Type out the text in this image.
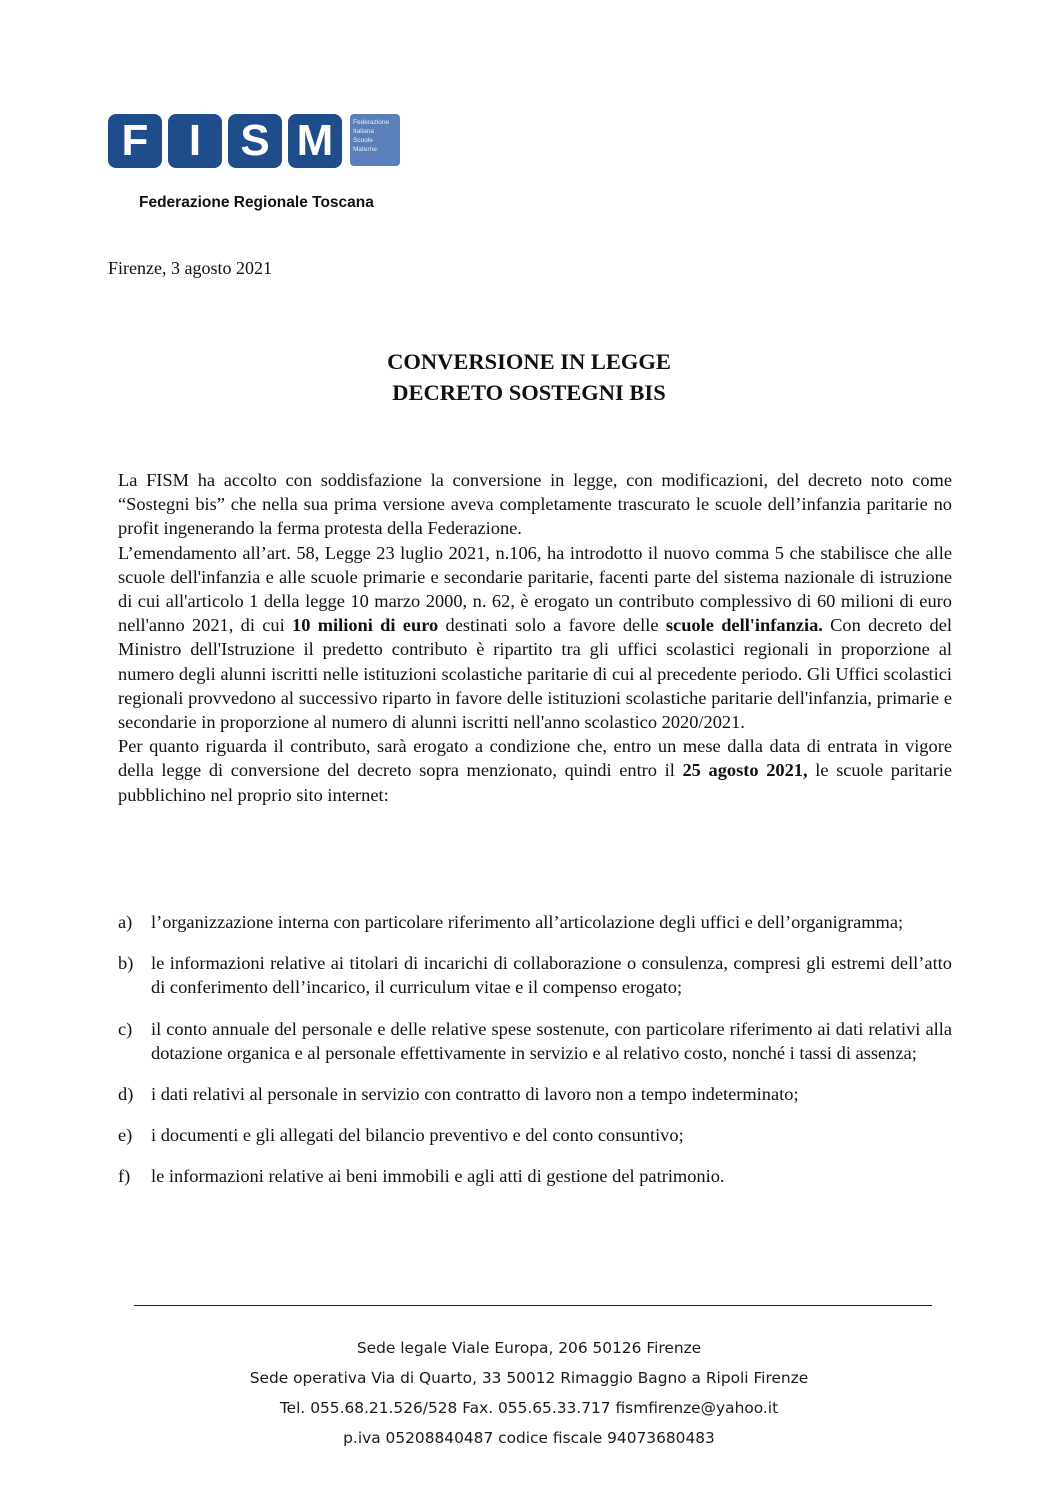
F I S M	Federazione
Italiana
Scuole
Materne
Federazione Regionale Toscana
Firenze, 3 agosto 2021
CONVERSIONE IN LEGGE
DECRETO SOSTEGNI BIS

La FISM ha accolto con soddisfazione la conversione in legge, con modificazioni, del decreto noto come “Sostegni bis” che nella sua prima versione aveva completamente trascurato le scuole dell’infanzia paritarie no profit ingenerando la ferma protesta della Federazione.

L’emendamento all’art. 58, Legge 23 luglio 2021, n.106, ha introdotto il nuovo comma 5 che stabilisce che alle scuole dell'infanzia e alle scuole primarie e secondarie paritarie, facenti parte del sistema nazionale di istruzione di cui all'articolo 1 della legge 10 marzo 2000, n. 62, è erogato un contributo complessivo di 60 milioni di euro nell'anno 2021, di cui 10 milioni di euro destinati solo a favore delle scuole dell'infanzia. Con decreto del Ministro dell'Istruzione il predetto contributo è ripartito tra gli uffici scolastici regionali in proporzione al numero degli alunni iscritti nelle istituzioni scolastiche paritarie di cui al precedente periodo. Gli Uffici scolastici regionali provvedono al successivo riparto in favore delle istituzioni scolastiche paritarie dell'infanzia, primarie e secondarie in proporzione al numero di alunni iscritti nell'anno scolastico 2020/2021.

Per quanto riguarda il contributo, sarà erogato a condizione che, entro un mese dalla data di entrata in vigore della legge di conversione del decreto sopra menzionato, quindi entro il 25 agosto 2021, le scuole paritarie pubblichino nel proprio sito internet:

a) l’organizzazione interna con particolare riferimento all’articolazione degli uffici e dell’organigramma;
b) le informazioni relative ai titolari di incarichi di collaborazione o consulenza, compresi gli estremi dell’atto di conferimento dell’incarico, il curriculum vitae e il compenso erogato;
c) il conto annuale del personale e delle relative spese sostenute, con particolare riferimento ai dati relativi alla dotazione organica e al personale effettivamente in servizio e al relativo costo, nonché i tassi di assenza;
d) i dati relativi al personale in servizio con contratto di lavoro non a tempo indeterminato;
e) i documenti e gli allegati del bilancio preventivo e del conto consuntivo;
f) le informazioni relative ai beni immobili e agli atti di gestione del patrimonio.
Sede legale Viale Europa, 206 50126 Firenze
Sede operativa Via di Quarto, 33 50012 Rimaggio Bagno a Ripoli Firenze
Tel. 055.68.21.526/528 Fax. 055.65.33.717 fismfirenze@yahoo.it
p.iva 05208840487 codice fiscale 94073680483
